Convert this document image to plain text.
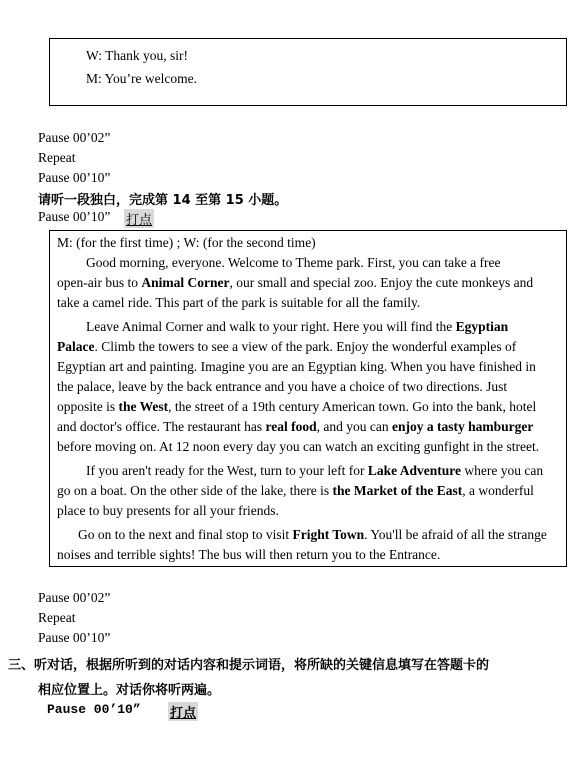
W: Thank you, sir!
M: You’re welcome.
Pause 00’02”
Repeat
Pause 00’10”
请听一段独白，完成第 14 至第 15 小题。
Pause 00’10” 打点
M: (for the first time) ; W: (for the second time)
Good morning, everyone. Welcome to Theme park. First, you can take a free
open-air bus to Animal Corner, our small and special zoo. Enjoy the cute monkeys and
take a camel ride. This part of the park is suitable for all the family.
Leave Animal Corner and walk to your right. Here you will find the Egyptian
Palace. Climb the towers to see a view of the park. Enjoy the wonderful examples of
Egyptian art and painting. Imagine you are an Egyptian king. When you have finished in
the palace, leave by the back entrance and you have a choice of two directions. Just
opposite is the West, the street of a 19th century American town. Go into the bank, hotel
and doctor's office. The restaurant has real food, and you can enjoy a tasty hamburger
before moving on. At 12 noon every day you can watch an exciting gunfight in the street.
If you aren't ready for the West, turn to your left for Lake Adventure where you can
go on a boat. On the other side of the lake, there is the Market of the East, a wonderful
place to buy presents for all your friends.
Go on to the next and final stop to visit Fright Town. You'll be afraid of all the strange
noises and terrible sights! The bus will then return you to the Entrance.
Pause 00’02”
Repeat
Pause 00’10”
三、听对话，根据所听到的对话内容和提示词语，将所缺的关键信息填写在答题卡的
相应位置上。对话你将听两遍。
Pause 00’10” 打点
